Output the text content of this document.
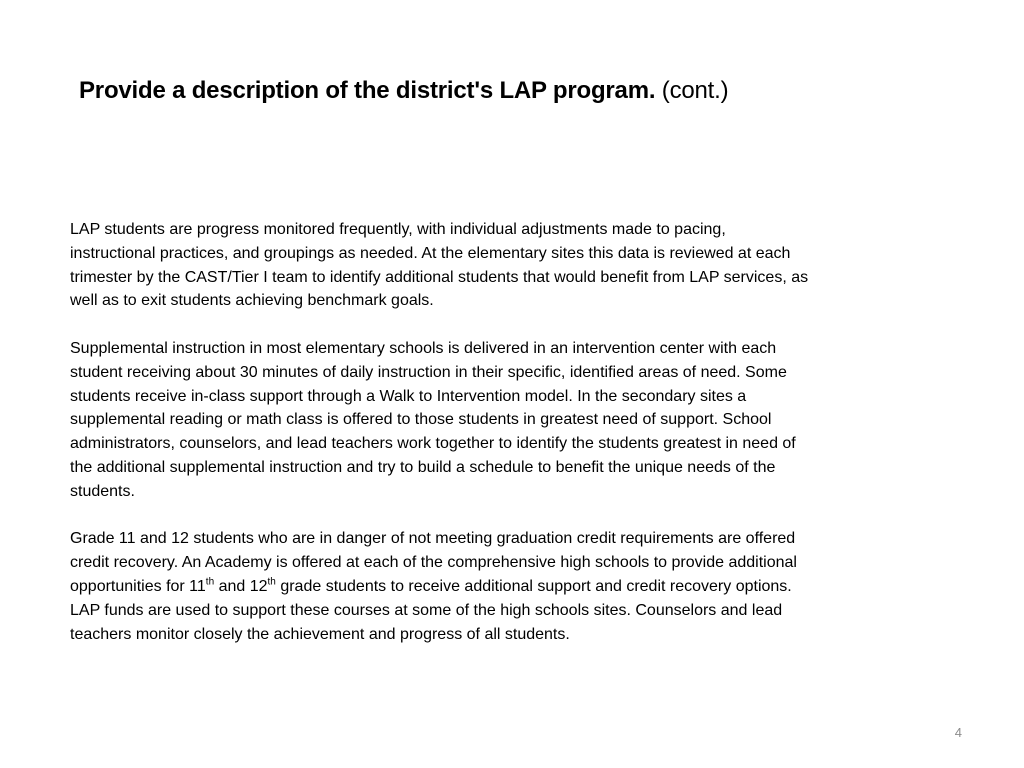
Provide a description of the district's LAP program. (cont.)

LAP students are progress monitored frequently, with individual adjustments made to pacing,
instructional practices, and groupings as needed. At the elementary sites this data is reviewed at each
trimester by the CAST/Tier I team to identify additional students that would benefit from LAP services, as
well as to exit students achieving benchmark goals.

Supplemental instruction in most elementary schools is delivered in an intervention center with each
student receiving about 30 minutes of daily instruction in their specific, identified areas of need. Some
students receive in-class support through a Walk to Intervention model. In the secondary sites a
supplemental reading or math class is offered to those students in greatest need of support. School
administrators, counselors, and lead teachers work together to identify the students greatest in need of
the additional supplemental instruction and try to build a schedule to benefit the unique needs of the
students.

Grade 11 and 12 students who are in danger of not meeting graduation credit requirements are offered
credit recovery. An Academy is offered at each of the comprehensive high schools to provide additional
opportunities for 11th and 12th grade students to receive additional support and credit recovery options.
LAP funds are used to support these courses at some of the high schools sites. Counselors and lead
teachers monitor closely the achievement and progress of all students.

4
